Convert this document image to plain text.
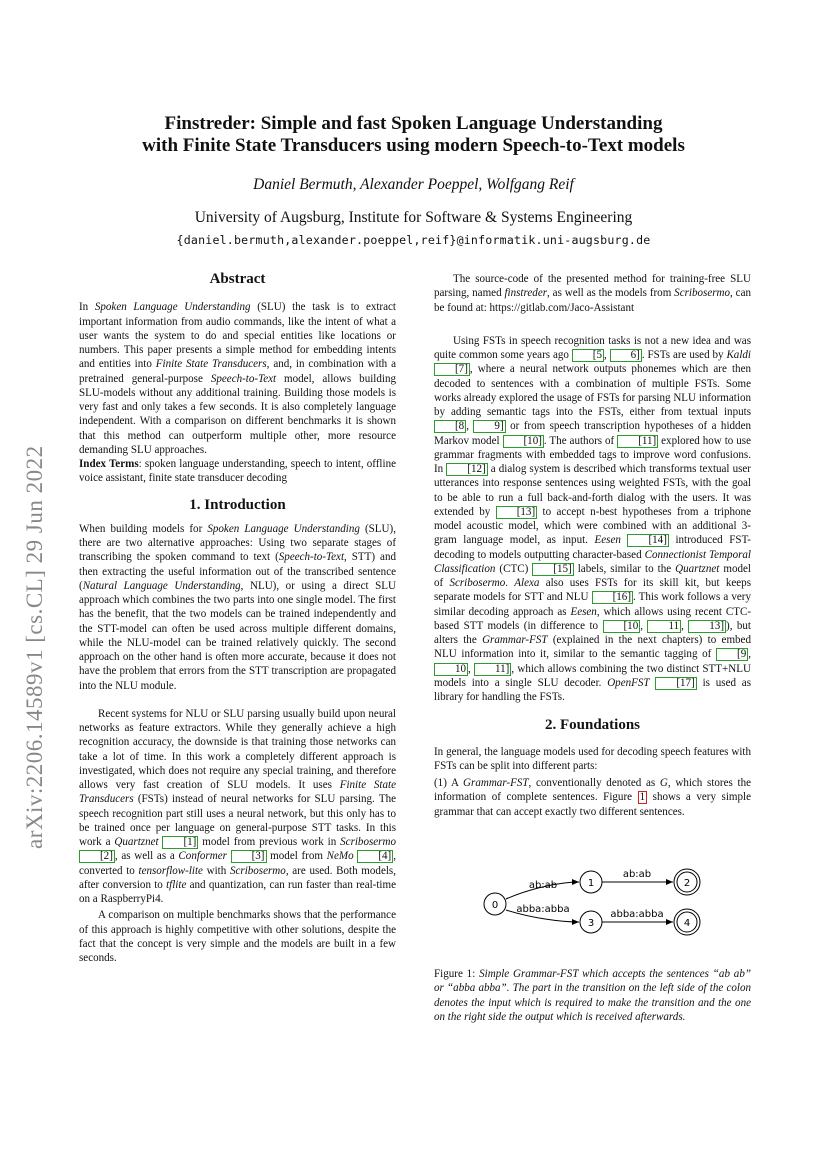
Finstreder: Simple and fast Spoken Language Understanding
with Finite State Transducers using modern Speech-to-Text models
Daniel Bermuth, Alexander Poeppel, Wolfgang Reif
University of Augsburg, Institute for Software & Systems Engineering
{daniel.bermuth,alexander.poeppel,reif}@informatik.uni-augsburg.de
arXiv:2206.14589v1 [cs.CL] 29 Jun 2022
Abstract

In Spoken Language Understanding (SLU) the task is to extract important information from audio commands, like the intent of what a user wants the system to do and special entities like locations or numbers. This paper presents a simple method for embedding intents and entities into Finite State Transducers, and, in combination with a pretrained general-purpose Speech-to-Text model, allows building SLU-models without any additional training. Building those models is very fast and only takes a few seconds. It is also completely language independent. With a comparison on different benchmarks it is shown that this method can outperform multiple other, more resource demanding SLU approaches.

Index Terms: spoken language understanding, speech to intent, offline voice assistant, finite state transducer decoding

1. Introduction

When building models for Spoken Language Understanding (SLU), there are two alternative approaches: Using two separate stages of transcribing the spoken command to text (Speech-to-Text, STT) and then extracting the useful information out of the transcribed sentence (Natural Language Understanding, NLU), or using a direct SLU approach which combines the two parts into one single model. The first has the benefit, that the two models can be trained independently and the STT-model can often be used across multiple different domains, while the NLU-model can be trained relatively quickly. The second approach on the other hand is often more accurate, because it does not have the problem that errors from the STT transcription are propagated into the NLU module.

Recent systems for NLU or SLU parsing usually build upon neural networks as feature extractors. While they generally achieve a high recognition accuracy, the downside is that training those networks can take a lot of time. In this work a completely different approach is investigated, which does not require any special training, and therefore allows very fast creation of SLU models. It uses Finite State Transducers (FSTs) instead of neural networks for SLU parsing. The speech recognition part still uses a neural network, but this only has to be trained once per language on general-purpose STT tasks. In this work a Quartznet [1] model from previous work in Scribosermo [2] , as well as a Conformer [3] model from NeMo [4] , converted to tensorflow-lite with Scribosermo, are used. Both models, after conversion to tflite and quantization, can run faster than real-time on a RaspberryPi4.

A comparison on multiple benchmarks shows that the performance of this approach is highly competitive with other solutions, despite the fact that the concept is very simple and the models are built in a few seconds.

The source-code of the presented method for training-free SLU parsing, named finstreder, as well as the models from Scribosermo, can be found at: https://gitlab.com/Jaco-Assistant

Using FSTs in speech recognition tasks is not a new idea and was quite common some years ago [5 , 6] . FSTs are used by Kaldi [7] , where a neural network outputs phonemes which are then decoded to sentences with a combination of multiple FSTs. Some works already explored the usage of FSTs for parsing NLU information by adding semantic tags into the FSTs, either from textual inputs [8 , 9] or from speech transcription hypotheses of a hidden Markov model [10] . The authors of [11] explored how to use grammar fragments with embedded tags to improve word confusions. In [12] a dialog system is described which transforms textual user utterances into response sentences using weighted FSTs, with the goal to be able to run a full back-and-forth dialog with the users. It was extended by [13] to accept n-best hypotheses from a triphone model acoustic model, which were combined with an additional 3-gram language model, as input. Eesen [14] introduced FST-decoding to models outputting character-based Connectionist Temporal Classification (CTC) [15] labels, similar to the Quartznet model of Scribosermo. Alexa also uses FSTs for its skill kit, but keeps separate models for STT and NLU [16] . This work follows a very similar decoding approach as Eesen, which allows using recent CTC-based STT models (in difference to [10 , 11 , 13] ), but alters the Grammar-FST (explained in the next chapters) to embed NLU information into it, similar to the semantic tagging of [9 , 10 , 11] , which allows combining the two distinct STT+NLU models into a single SLU decoder. OpenFST [17] is used as library for handling the FSTs.

2. Foundations

In general, the language models used for decoding speech features with FSTs can be split into different parts:

(1) A Grammar-FST, conventionally denoted as G, which stores the information of complete sentences. Figure 1 shows a very simple grammar that can accept exactly two different sentences.

0
1	2
3	4
ab:ab
ab:ab
abba:abba	abba:abba
Figure 1: Simple Grammar-FST which accepts the sentences “ab ab” or “abba abba”. The part in the transition on the left side of the colon denotes the input which is required to make the transition and the one on the right side the output which is received afterwards.
